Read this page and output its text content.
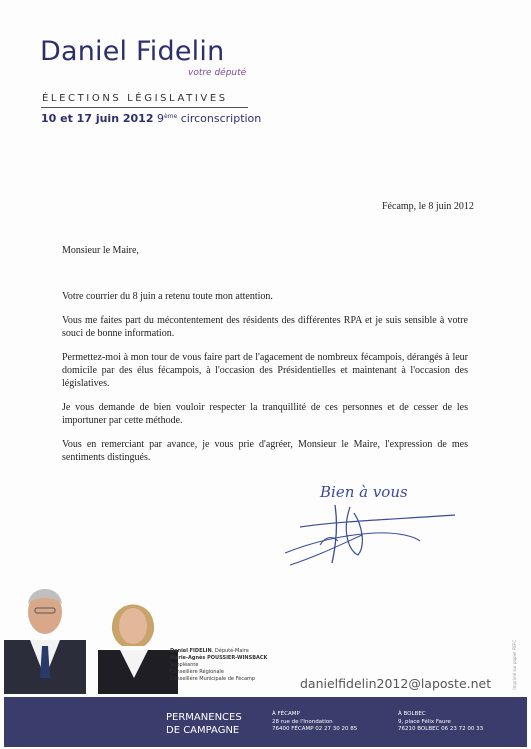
Daniel Fidelin
votre député
ÉLECTIONS LÉGISLATIVES
10 et 17 juin 2012 9ème circonscription
Fécamp, le 8 juin 2012
Monsieur le Maire,

Votre courrier du 8 juin a retenu toute mon attention.

Vous me faites part du mécontentement des résidents des différentes RPA et je suis sensible à votre souci de bonne information.

Permettez-moi à mon tour de vous faire part de l'agacement de nombreux fécampois, dérangés à leur domicile par des élus fécampois, à l'occasion des Présidentielles et maintenant à l'occasion des législatives.

Je vous demande de bien vouloir respecter la tranquillité de ces personnes et de cesser de les importuner par cette méthode.

Vous en remerciant par avance, je vous prie d'agréer, Monsieur le Maire, l'expression de mes sentiments distingués.

Bien à vous
Daniel FIDELIN, Député-Maire
Marie-Agnès POUSSIER-WINSBACK
Suppléante
Conseillère Régionale
Conseillère Municipale de Fécamp	danielfidelin2012@laposte.net	Imprimé sur papier PEFC
PERMANENCES
DE CAMPAGNE
À FÉCAMP
28 rue de l'Inondation
76400 FÉCAMP 02 27 30 20 85
À BOLBEC
9, place Félix Faure
76210 BOLBEC 06 23 72 00 33
